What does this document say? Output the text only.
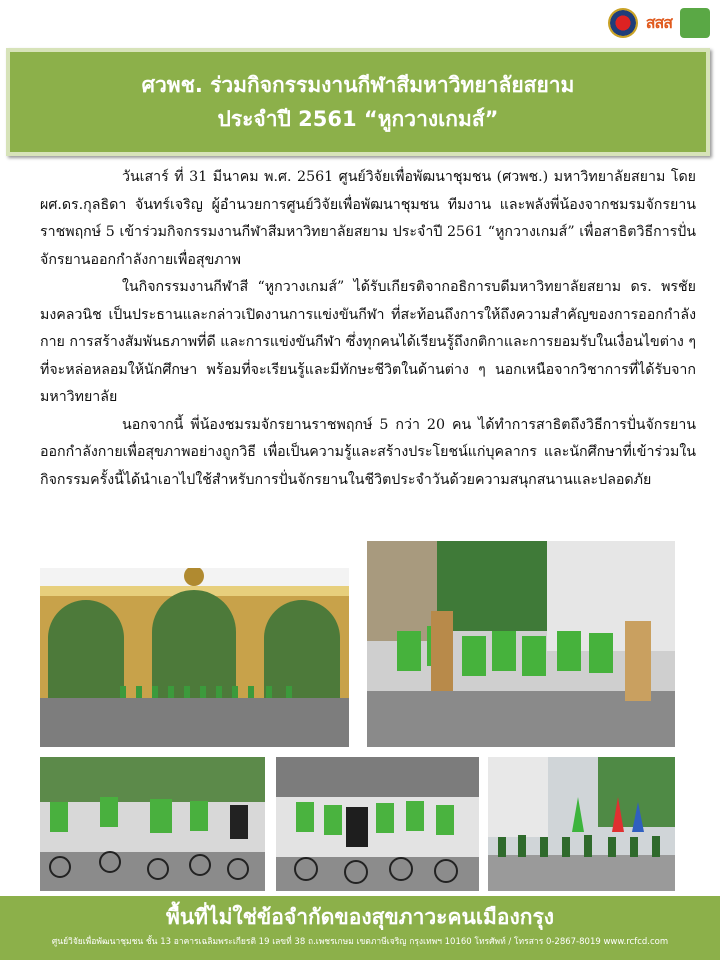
สสส
ศวพช. ร่วมกิจกรรมงานกีฬาสีมหาวิทยาลัยสยาม
ประจำปี 2561 “หูกวางเกมส์”

วันเสาร์ ที่ 31 มีนาคม พ.ศ. 2561 ศูนย์วิจัยเพื่อพัฒนาชุมชน (ศวพช.) มหาวิทยาลัยสยาม โดย ผศ.ดร.กุลธิดา จันทร์เจริญ ผู้อำนวยการศูนย์วิจัยเพื่อพัฒนาชุมชน ทีมงาน และพลังพี่น้องจากชมรมจักรยานราชพฤกษ์ 5 เข้าร่วมกิจกรรมงานกีฬาสีมหาวิทยาลัยสยาม ประจำปี 2561 “หูกวางเกมส์” เพื่อสาธิตวิธีการปั่นจักรยานออกกำลังกายเพื่อสุขภาพ

ในกิจกรรมงานกีฬาสี “หูกวางเกมส์” ได้รับเกียรติจากอธิการบดีมหาวิทยาลัยสยาม ดร. พรชัย มงคลวนิช เป็นประธานและกล่าวเปิดงานการแข่งขันกีฬา ที่สะท้อนถึงการให้ถึงความสำคัญของการออกกำลังกาย การสร้างสัมพันธภาพที่ดี และการแข่งขันกีฬา ซึ่งทุกคนได้เรียนรู้ถึงกติกาและการยอมรับในเงื่อนไขต่าง ๆ ที่จะหล่อหลอมให้นักศึกษา พร้อมที่จะเรียนรู้และมีทักษะชีวิตในด้านต่าง ๆ นอกเหนือจากวิชาการที่ได้รับจากมหาวิทยาลัย

นอกจากนี้ พี่น้องชมรมจักรยานราชพฤกษ์ 5 กว่า 20 คน ได้ทำการสาธิตถึงวิธีการปั่นจักรยานออกกำลังกายเพื่อสุขภาพอย่างถูกวิธี เพื่อเป็นความรู้และสร้างประโยชน์แก่บุคลากร และนักศึกษาที่เข้าร่วมในกิจกรรมครั้งนี้ได้นำเอาไปใช้สำหรับการปั่นจักรยานในชีวิตประจำวันด้วยความสนุกสนานและปลอดภัย

พื้นที่ไม่ใช่ข้อจำกัดของสุขภาวะคนเมืองกรุง
ศูนย์วิจัยเพื่อพัฒนาชุมชน ชั้น 13 อาคารเฉลิมพระเกียรติ 19 เลขที่ 38 ถ.เพชรเกษม เขตภาษีเจริญ กรุงเทพฯ 10160 โทรศัพท์ / โทรสาร 0-2867-8019 www.rcfcd.com
